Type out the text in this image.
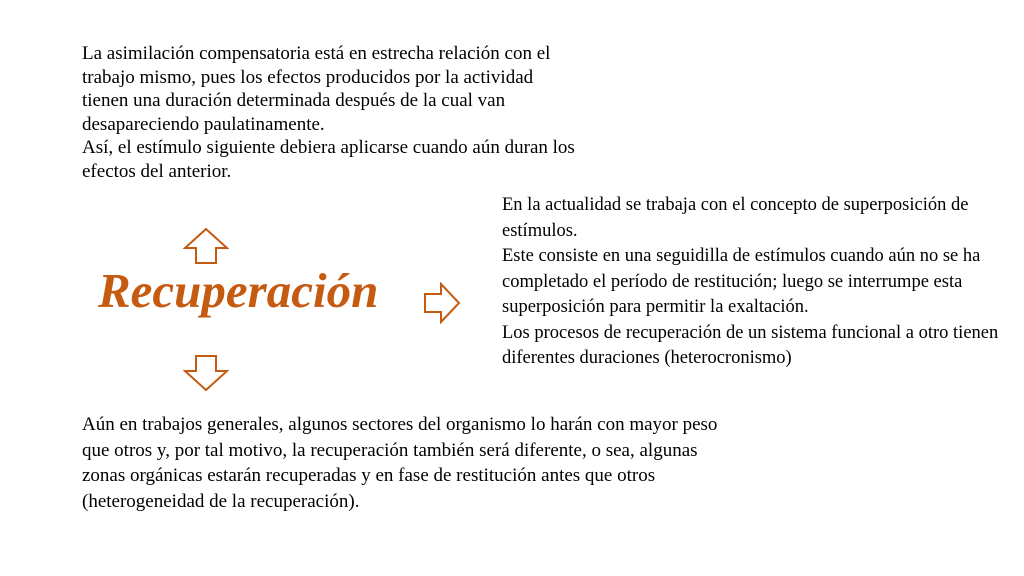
La asimilación compensatoria está en estrecha relación con el trabajo mismo, pues los efectos producidos por la actividad tienen una duración determinada después de la cual van desapareciendo paulatinamente.

Así, el estímulo siguiente debiera aplicarse cuando aún duran los efectos del anterior.

Recuperación

En la actualidad se trabaja con el concepto de superposición de estímulos.

Este consiste en una seguidilla de estímulos cuando aún no se ha completado el período de restitución; luego se interrumpe esta superposición para permitir la exaltación.

Los procesos de recuperación de un sistema funcional a otro tienen diferentes duraciones (heterocronismo)

Aún en trabajos generales, algunos sectores del organismo lo harán con mayor peso que otros y, por tal motivo, la recuperación también será diferente, o sea, algunas zonas orgánicas estarán recuperadas y en fase de restitución antes que otros (heterogeneidad de la recuperación).
